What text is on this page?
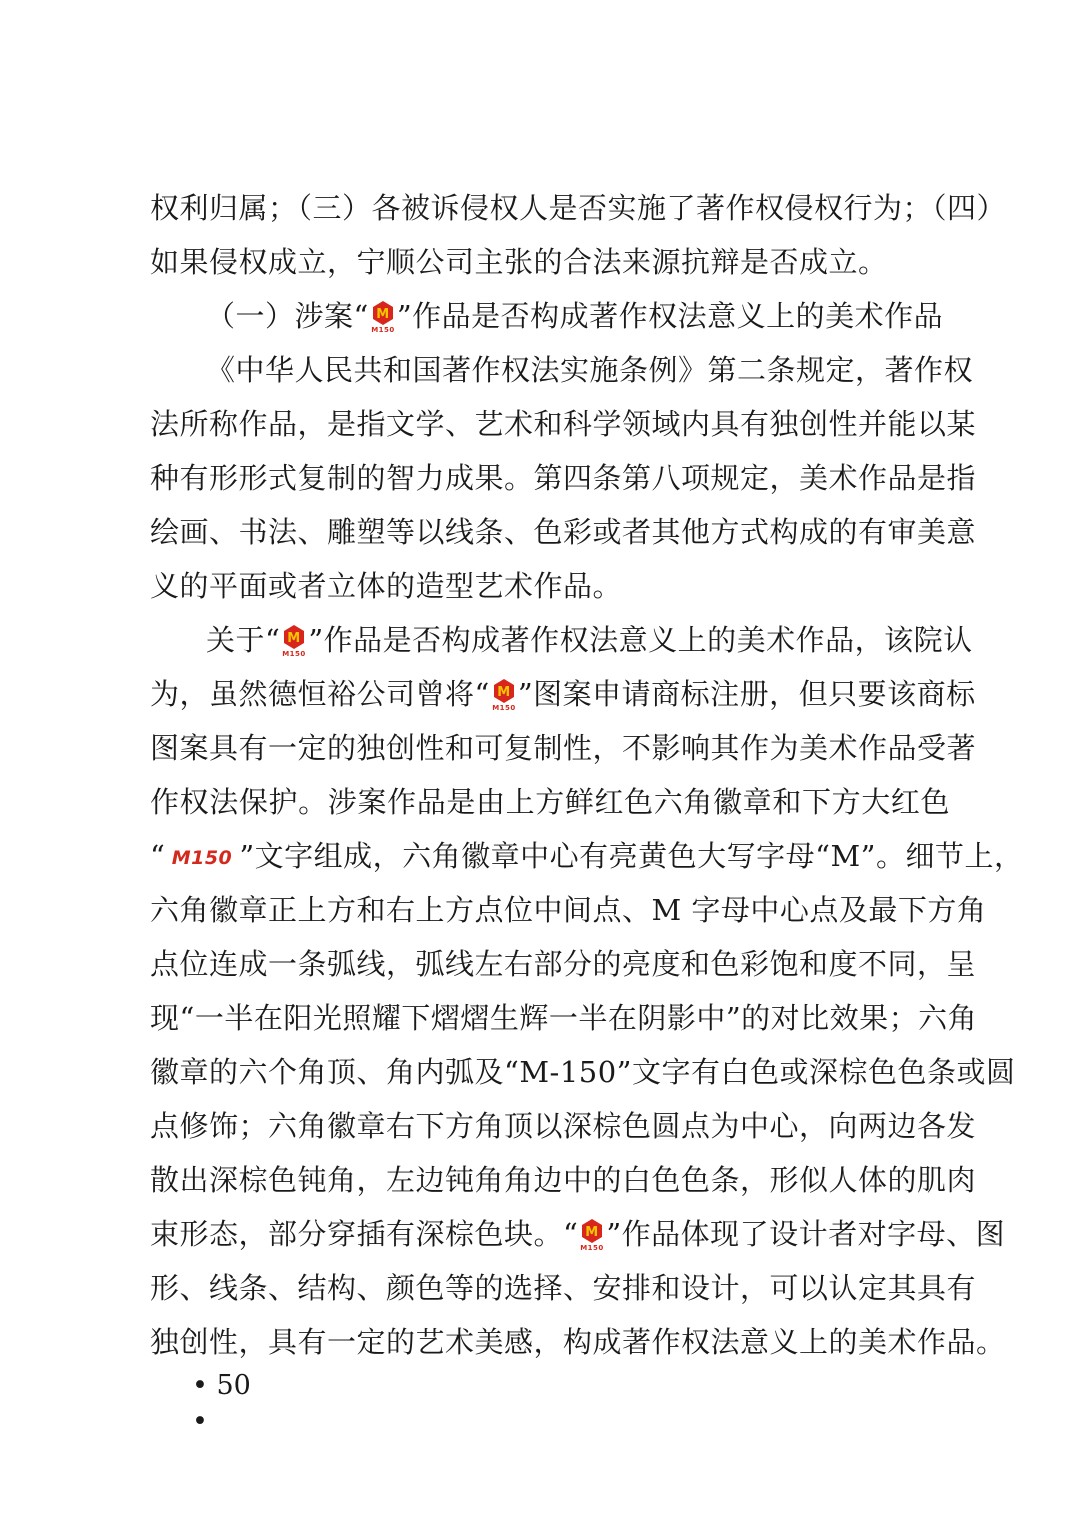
权利归属；（三）各被诉侵权人是否实施了著作权侵权行为；（四）
如果侵权成立，宁顺公司主张的合法来源抗辩是否成立。
（一）涉案“ M
M150 ”作品是否构成著作权法意义上的美术作品
《中华人民共和国著作权法实施条例》第二条规定，著作权
法所称作品，是指文学、艺术和科学领域内具有独创性并能以某
种有形形式复制的智力成果。第四条第八项规定，美术作品是指
绘画、书法、雕塑等以线条、色彩或者其他方式构成的有审美意
义的平面或者立体的造型艺术作品。
关于“ M
M150 ”作品是否构成著作权法意义上的美术作品，该院认
为，虽然德恒裕公司曾将“ M
M150 ”图案申请商标注册，但只要该商标
图案具有一定的独创性和可复制性，不影响其作为美术作品受著
作权法保护。涉案作品是由上方鲜红色六角徽章和下方大红色
“ M150 ”文字组成，六角徽章中心有亮黄色大写字母“M”。细节上，
六角徽章正上方和右上方点位中间点、M 字母中心点及最下方角
点位连成一条弧线，弧线左右部分的亮度和色彩饱和度不同，呈
现“一半在阳光照耀下熠熠生辉一半在阴影中”的对比效果；六角
徽章的六个角顶、角内弧及“M-150”文字有白色或深棕色色条或圆
点修饰；六角徽章右下方角顶以深棕色圆点为中心，向两边各发
散出深棕色钝角，左边钝角角边中的白色色条，形似人体的肌肉
束形态，部分穿插有深棕色块。“ M
M150 ”作品体现了设计者对字母、图
形、线条、结构、颜色等的选择、安排和设计，可以认定其具有
独创性，具有一定的艺术美感，构成著作权法意义上的美术作品。
• 50 •
